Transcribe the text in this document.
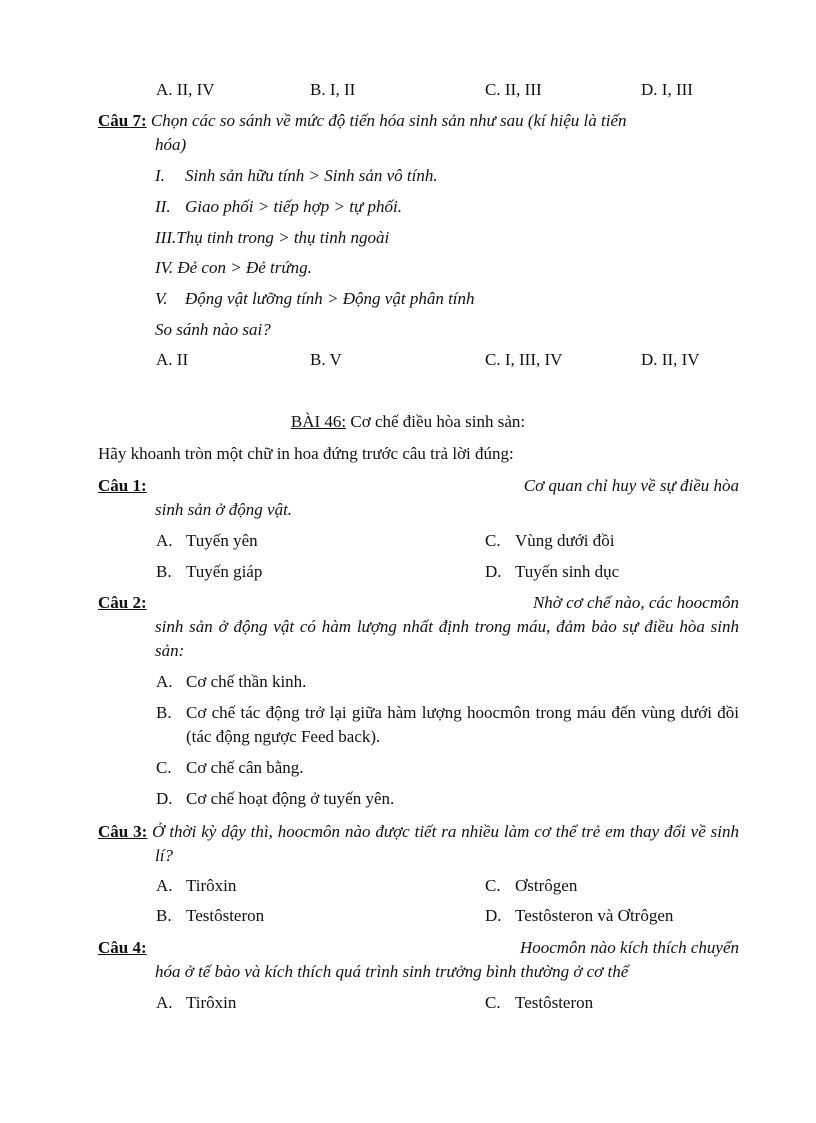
A. II, IV	B. I, II	C. II, III	D. I, III
Câu 7: Chọn các so sánh về mức độ tiến hóa sinh sản như sau (kí hiệu là tiến
hóa)
I. Sinh sản hữu tính > Sinh sản vô tính.
II. Giao phối > tiếp hợp > tự phối.
III.Thụ tinh trong > thụ tinh ngoài
IV. Đẻ con > Đẻ trứng.
V. Động vật lưỡng tính > Động vật phân tính
So sánh nào sai?
A. II	B. V	C. I, III, IV	D. II, IV
BÀI 46: Cơ chế điều hòa sinh sản:
Hãy khoanh tròn một chữ in hoa đứng trước câu trả lời đúng:
Câu 1:	Cơ quan chỉ huy về sự điều hòa
sinh sản ở động vật.
A. Tuyến yên	C. Vùng dưới đồi
B. Tuyến giáp	D. Tuyến sinh dục
Câu 2:	Nhờ cơ chế nào, các hoocmôn
sinh sản ở động vật có hàm lượng nhất định trong máu, đảm bảo sự điều hòa sinh sản:
A. Cơ chế thần kinh.
B. Cơ chế tác động trở lại giữa hàm lượng hoocmôn trong máu đến vùng dưới đồi (tác động ngược Feed back).
C. Cơ chế cân bằng.
D. Cơ chế hoạt động ở tuyến yên.
Câu 3: Ở thời kỳ dậy thì, hoocmôn nào được tiết ra nhiều làm cơ thể trẻ em thay đổi về sinh lí?
A. Tirôxin	C. Ơstrôgen
B. Testôsteron	D. Testôsteron và Ơtrôgen
Câu 4:	Hoocmôn nào kích thích chuyển
hóa ở tế bào và kích thích quá trình sinh trưởng bình thường ở cơ thể
A. Tirôxin	C. Testôsteron
